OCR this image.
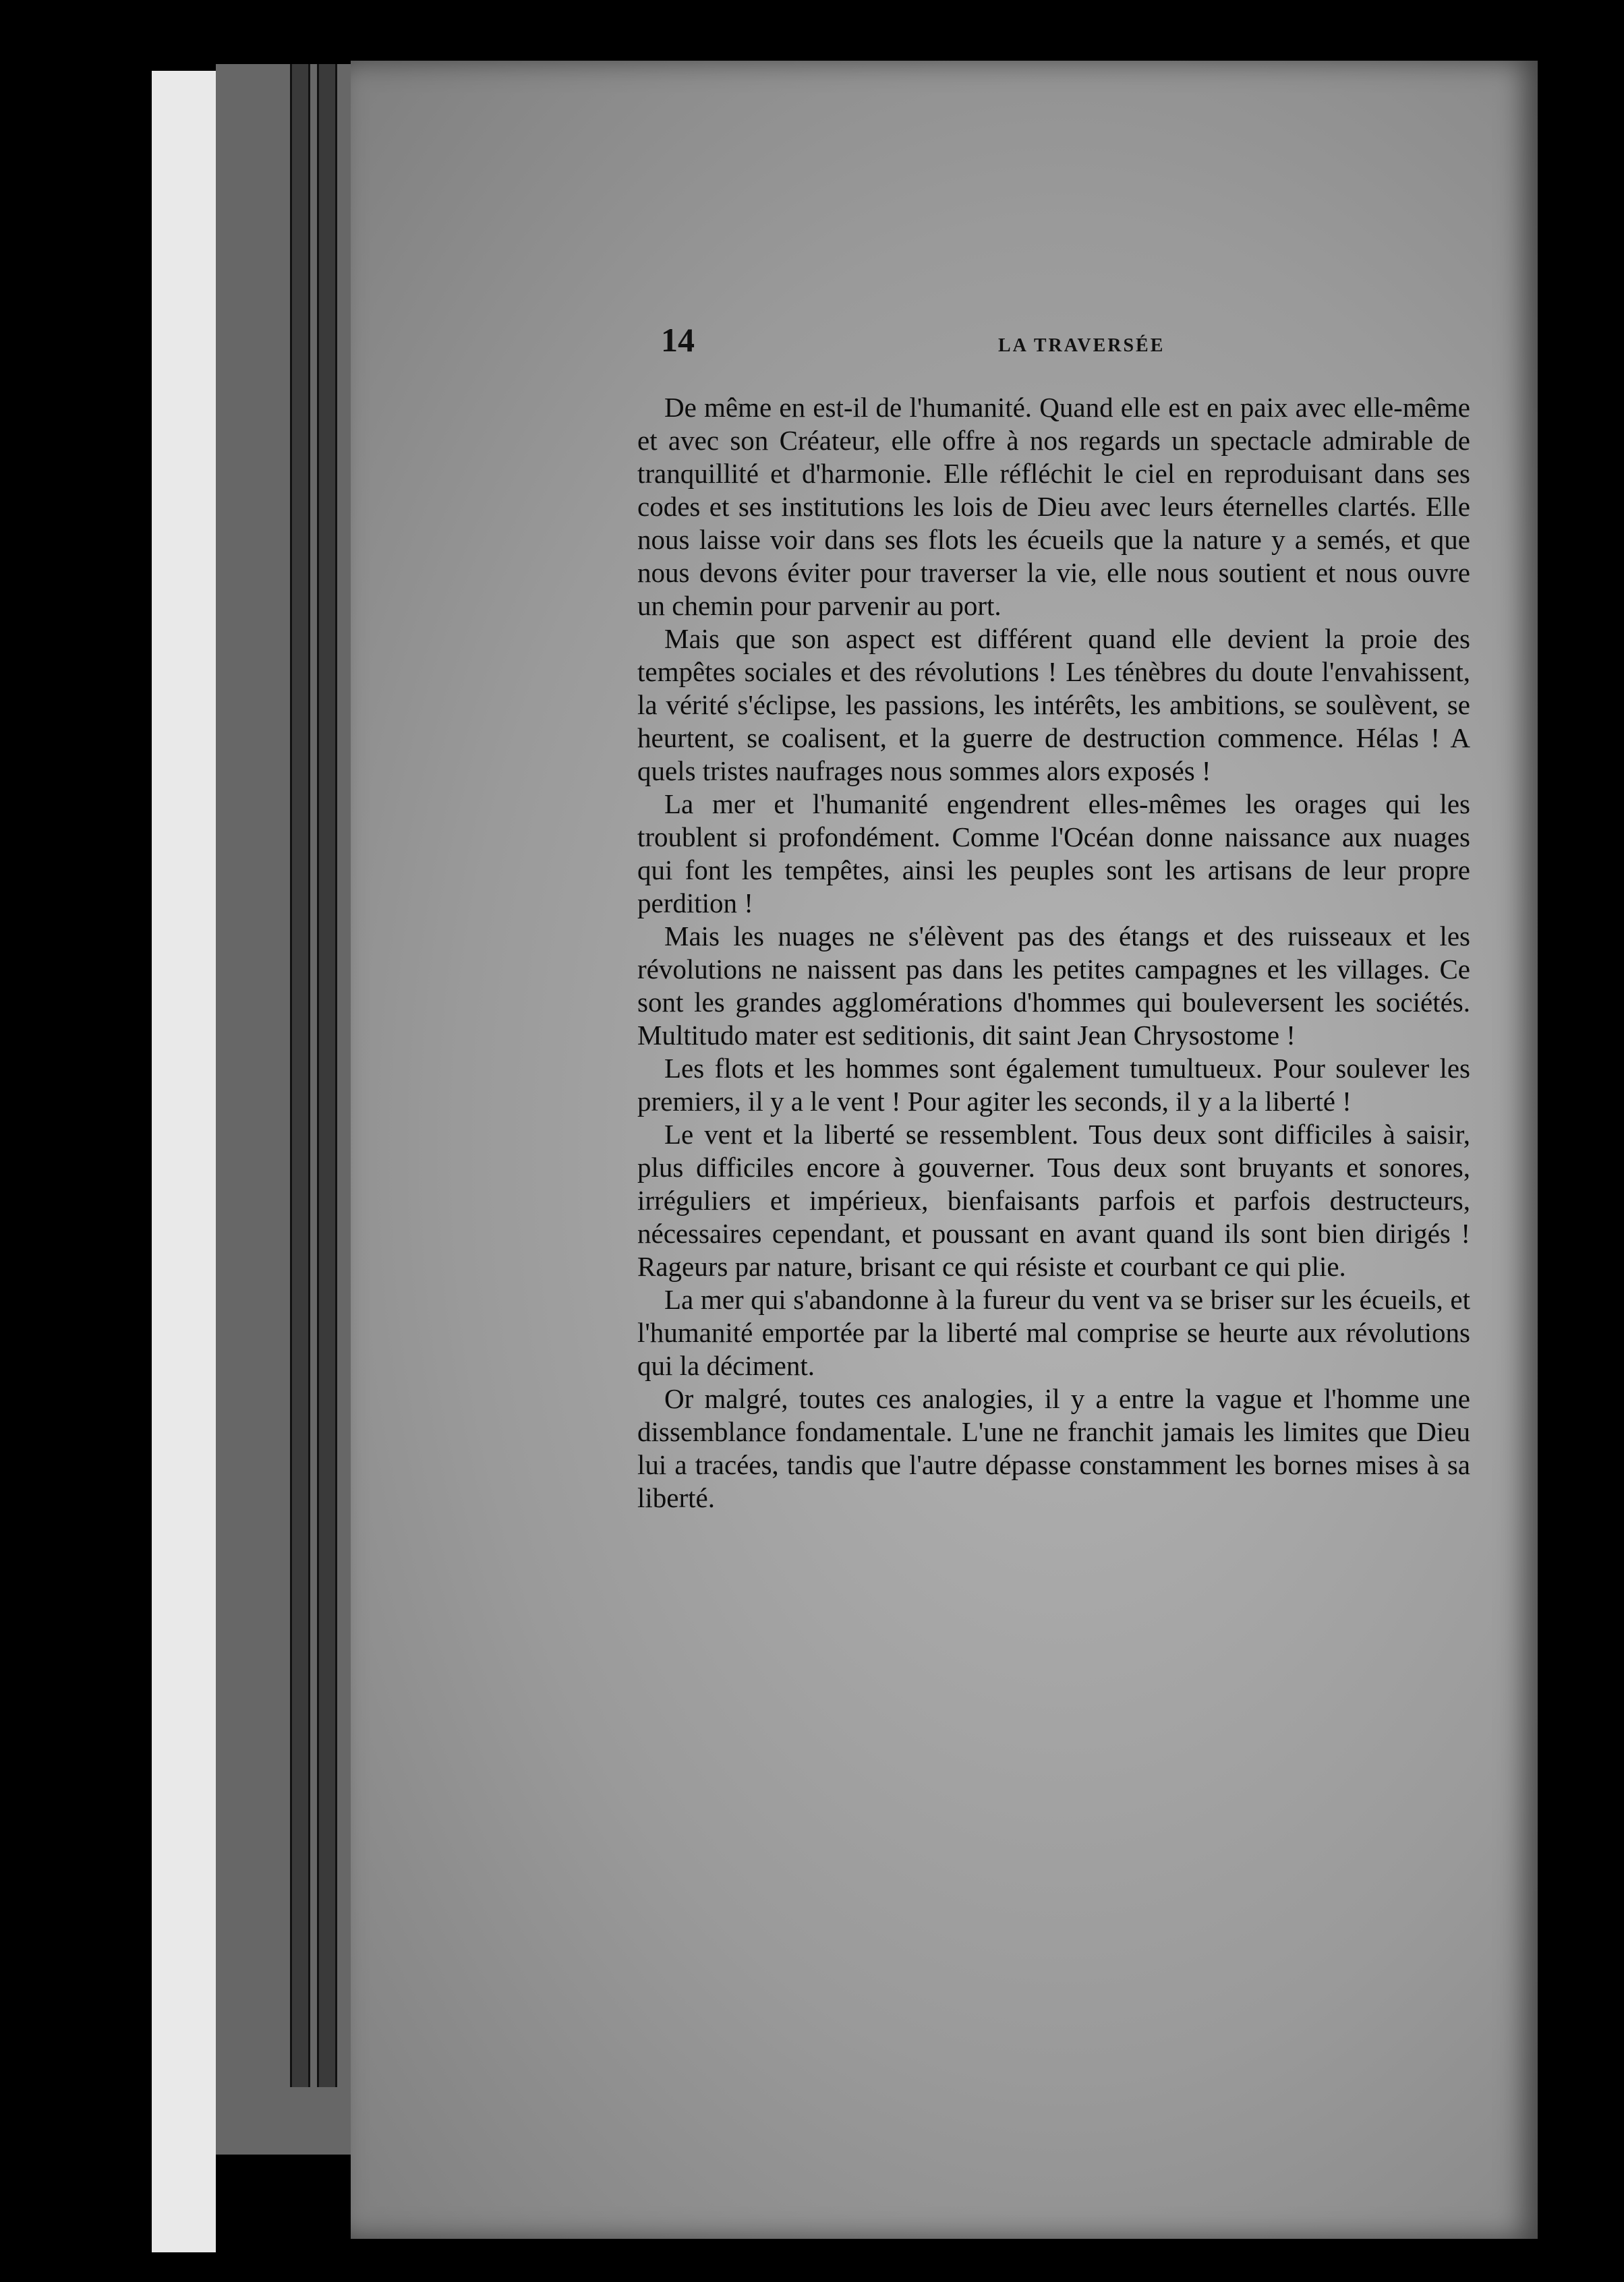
14	LA TRAVERSÉE

De même en est-il de l'humanité. Quand elle est en paix avec elle-même et avec son Créateur, elle offre à nos regards un spectacle admirable de tranquillité et d'harmonie. Elle réfléchit le ciel en reproduisant dans ses codes et ses institutions les lois de Dieu avec leurs éternelles clartés. Elle nous laisse voir dans ses flots les écueils que la nature y a semés, et que nous devons éviter pour traverser la vie, elle nous soutient et nous ouvre un chemin pour parvenir au port.

Mais que son aspect est différent quand elle devient la proie des tempêtes sociales et des révolutions ! Les ténèbres du doute l'envahissent, la vérité s'éclipse, les passions, les intérêts, les ambitions, se soulèvent, se heurtent, se coalisent, et la guerre de destruction commence. Hélas ! A quels tristes naufrages nous sommes alors exposés !

La mer et l'humanité engendrent elles-mêmes les orages qui les troublent si profondément. Comme l'Océan donne naissance aux nuages qui font les tempêtes, ainsi les peuples sont les artisans de leur propre perdition !

Mais les nuages ne s'élèvent pas des étangs et des ruisseaux et les révolutions ne naissent pas dans les petites campagnes et les villages. Ce sont les grandes agglomérations d'hommes qui bouleversent les sociétés. Multitudo mater est seditionis, dit saint Jean Chrysostome !

Les flots et les hommes sont également tumultueux. Pour soulever les premiers, il y a le vent ! Pour agiter les seconds, il y a la liberté !

Le vent et la liberté se ressemblent. Tous deux sont difficiles à saisir, plus difficiles encore à gouverner. Tous deux sont bruyants et sonores, irréguliers et impérieux, bienfaisants parfois et parfois destructeurs, nécessaires cependant, et poussant en avant quand ils sont bien dirigés ! Rageurs par nature, brisant ce qui résiste et courbant ce qui plie.

La mer qui s'abandonne à la fureur du vent va se briser sur les écueils, et l'humanité emportée par la liberté mal comprise se heurte aux révolutions qui la déciment.

Or malgré, toutes ces analogies, il y a entre la vague et l'homme une dissemblance fondamentale. L'une ne franchit jamais les limites que Dieu lui a tracées, tandis que l'autre dépasse constamment les bornes mises à sa liberté.
